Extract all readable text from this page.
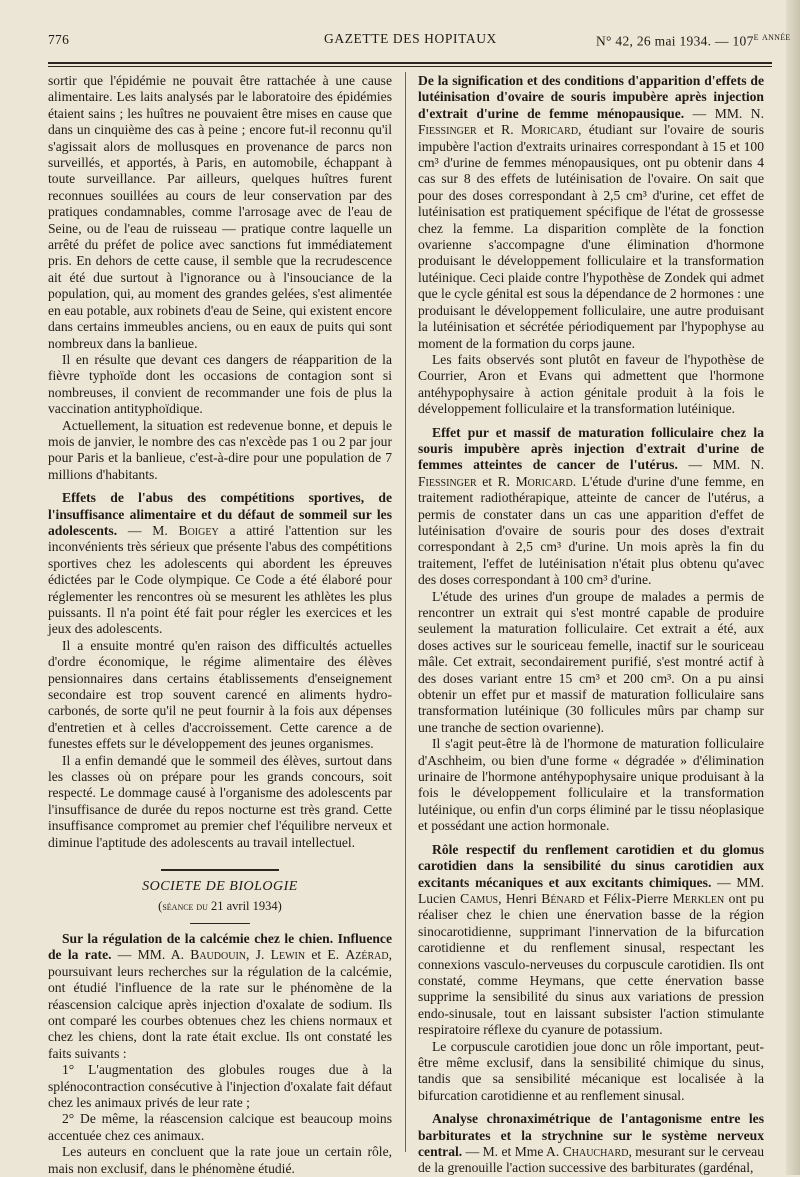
776	GAZETTE DES HOPITAUX	N° 42, 26 mai 1934. — $107^{e année}$

sortir que l'épidémie ne pouvait être rattachée à une cause alimentaire. Les laits analysés par le laboratoire des épidémies étaient sains ; les huîtres ne pouvaient être mises en cause que dans un cinquième des cas à peine ; encore fut-il reconnu qu'il s'agissait alors de mollusques en provenance de parcs non surveillés, et apportés, à Paris, en automobile, échappant à toute surveillance. Par ailleurs, quelques huîtres furent reconnues souillées au cours de leur conservation par des pratiques condamnables, comme l'arrosage avec de l'eau de Seine, ou de l'eau de ruisseau — pratique contre laquelle un arrêté du préfet de police avec sanctions fut immédiatement pris. En dehors de cette cause, il semble que la recrudescence ait été due surtout à l'ignorance ou à l'insouciance de la population, qui, au moment des grandes gelées, s'est alimentée en eau potable, aux robinets d'eau de Seine, qui existent encore dans certains immeubles anciens, ou en eaux de puits qui sont nombreux dans la banlieue.

Il en résulte que devant ces dangers de réapparition de la fièvre typhoïde dont les occasions de contagion sont si nombreuses, il convient de recommander une fois de plus la vaccination antityphoïdique.

Actuellement, la situation est redevenue bonne, et depuis le mois de janvier, le nombre des cas n'excède pas 1 ou 2 par jour pour Paris et la banlieue, c'est-à-dire pour une population de 7 millions d'habitants.

Effets de l'abus des compétitions sportives, de l'insuffisance alimentaire et du défaut de sommeil sur les adolescents. — M. Boigey a attiré l'attention sur les inconvénients très sérieux que présente l'abus des compétitions sportives chez les adolescents qui abordent les épreuves édictées par le Code olympique. Ce Code a été élaboré pour réglementer les rencontres où se mesurent les athlètes les plus puissants. Il n'a point été fait pour régler les exercices et les jeux des adolescents.

Il a ensuite montré qu'en raison des difficultés actuelles d'ordre économique, le régime alimentaire des élèves pensionnaires dans certains établissements d'enseignement secondaire est trop souvent carencé en aliments hydro-carbonés, de sorte qu'il ne peut fournir à la fois aux dépenses d'entretien et à celles d'accroissement. Cette carence a de funestes effets sur le développement des jeunes organismes.

Il a enfin demandé que le sommeil des élèves, surtout dans les classes où on prépare pour les grands concours, soit respecté. Le dommage causé à l'organisme des adolescents par l'insuffisance de durée du repos nocturne est très grand. Cette insuffisance compromet au premier chef l'équilibre nerveux et diminue l'aptitude des adolescents au travail intellectuel.

SOCIETE DE BIOLOGIE
(séance du 21 avril 1934)

Sur la régulation de la calcémie chez le chien. Influence de la rate. — MM. A. Baudouin, J. Lewin et E. Azérad, poursuivant leurs recherches sur la régulation de la calcémie, ont étudié l'influence de la rate sur le phénomène de la réascension calcique après injection d'oxalate de sodium. Ils ont comparé les courbes obtenues chez les chiens normaux et chez les chiens, dont la rate était exclue. Ils ont constaté les faits suivants :

1° L'augmentation des globules rouges due à la splénocontraction consécutive à l'injection d'oxalate fait défaut chez les animaux privés de leur rate ;

2° De même, la réascension calcique est beaucoup moins accentuée chez ces animaux.

Les auteurs en concluent que la rate joue un certain rôle, mais non exclusif, dans le phénomène étudié.

De la signification et des conditions d'apparition d'effets de lutéinisation d'ovaire de souris impubère après injection d'extrait d'urine de femme ménopausique. — MM. N. Fiessinger et R. Moricard, étudiant sur l'ovaire de souris impubère l'action d'extraits urinaires correspondant à 15 et 100 cm³ d'urine de femmes ménopausiques, ont pu obtenir dans 4 cas sur 8 des effets de lutéinisation de l'ovaire. On sait que pour des doses correspondant à 2,5 cm³ d'urine, cet effet de lutéinisation est pratiquement spécifique de l'état de grossesse chez la femme. La disparition complète de la fonction ovarienne s'accompagne d'une élimination d'hormone produisant le développement folliculaire et la transformation lutéinique. Ceci plaide contre l'hypothèse de Zondek qui admet que le cycle génital est sous la dépendance de 2 hormones : une produisant le développement folliculaire, une autre produisant la lutéinisation et sécrétée périodiquement par l'hypophyse au moment de la formation du corps jaune.

Les faits observés sont plutôt en faveur de l'hypothèse de Courrier, Aron et Evans qui admettent que l'hormone antéhypophysaire à action génitale produit à la fois le développement folliculaire et la transformation lutéinique.

Effet pur et massif de maturation folliculaire chez la souris impubère après injection d'extrait d'urine de femmes atteintes de cancer de l'utérus. — MM. N. Fiessinger et R. Moricard. L'étude d'urine d'une femme, en traitement radiothérapique, atteinte de cancer de l'utérus, a permis de constater dans un cas une apparition d'effet de lutéinisation d'ovaire de souris pour des doses d'extrait correspondant à 2,5 cm³ d'urine. Un mois après la fin du traitement, l'effet de lutéinisation n'était plus obtenu qu'avec des doses correspondant à 100 cm³ d'urine.

L'étude des urines d'un groupe de malades a permis de rencontrer un extrait qui s'est montré capable de produire seulement la maturation folliculaire. Cet extrait a été, aux doses actives sur le souriceau femelle, inactif sur le souriceau mâle. Cet extrait, secondairement purifié, s'est montré actif à des doses variant entre 15 cm³ et 200 cm³. On a pu ainsi obtenir un effet pur et massif de maturation folliculaire sans transformation lutéinique (30 follicules mûrs par champ sur une tranche de section ovarienne).

Il s'agit peut-être là de l'hormone de maturation folliculaire d'Aschheim, ou bien d'une forme « dégradée » d'élimination urinaire de l'hormone antéhypophysaire unique produisant à la fois le développement folliculaire et la transformation lutéinique, ou enfin d'un corps éliminé par le tissu néoplasique et possédant une action hormonale.

Rôle respectif du renflement carotidien et du glomus carotidien dans la sensibilité du sinus carotidien aux excitants mécaniques et aux excitants chimiques. — MM. Lucien Camus, Henri Bénard et Félix-Pierre Merklen ont pu réaliser chez le chien une énervation basse de la région sinocarotidienne, supprimant l'innervation de la bifurcation carotidienne et du renflement sinusal, respectant les connexions vasculo-nerveuses du corpuscule carotidien. Ils ont constaté, comme Heymans, que cette énervation basse supprime la sensibilité du sinus aux variations de pression endo-sinusale, tout en laissant subsister l'action stimulante respiratoire réflexe du cyanure de potassium.

Le corpuscule carotidien joue donc un rôle important, peut-être même exclusif, dans la sensibilité chimique du sinus, tandis que sa sensibilité mécanique est localisée à la bifurcation carotidienne et au renflement sinusal.

Analyse chronaximétrique de l'antagonisme entre les barbiturates et la strychnine sur le système nerveux central. — M. et Mme A. Chauchard, mesurant sur le cerveau de la grenouille l'action successive des barbiturates (gardénal,
